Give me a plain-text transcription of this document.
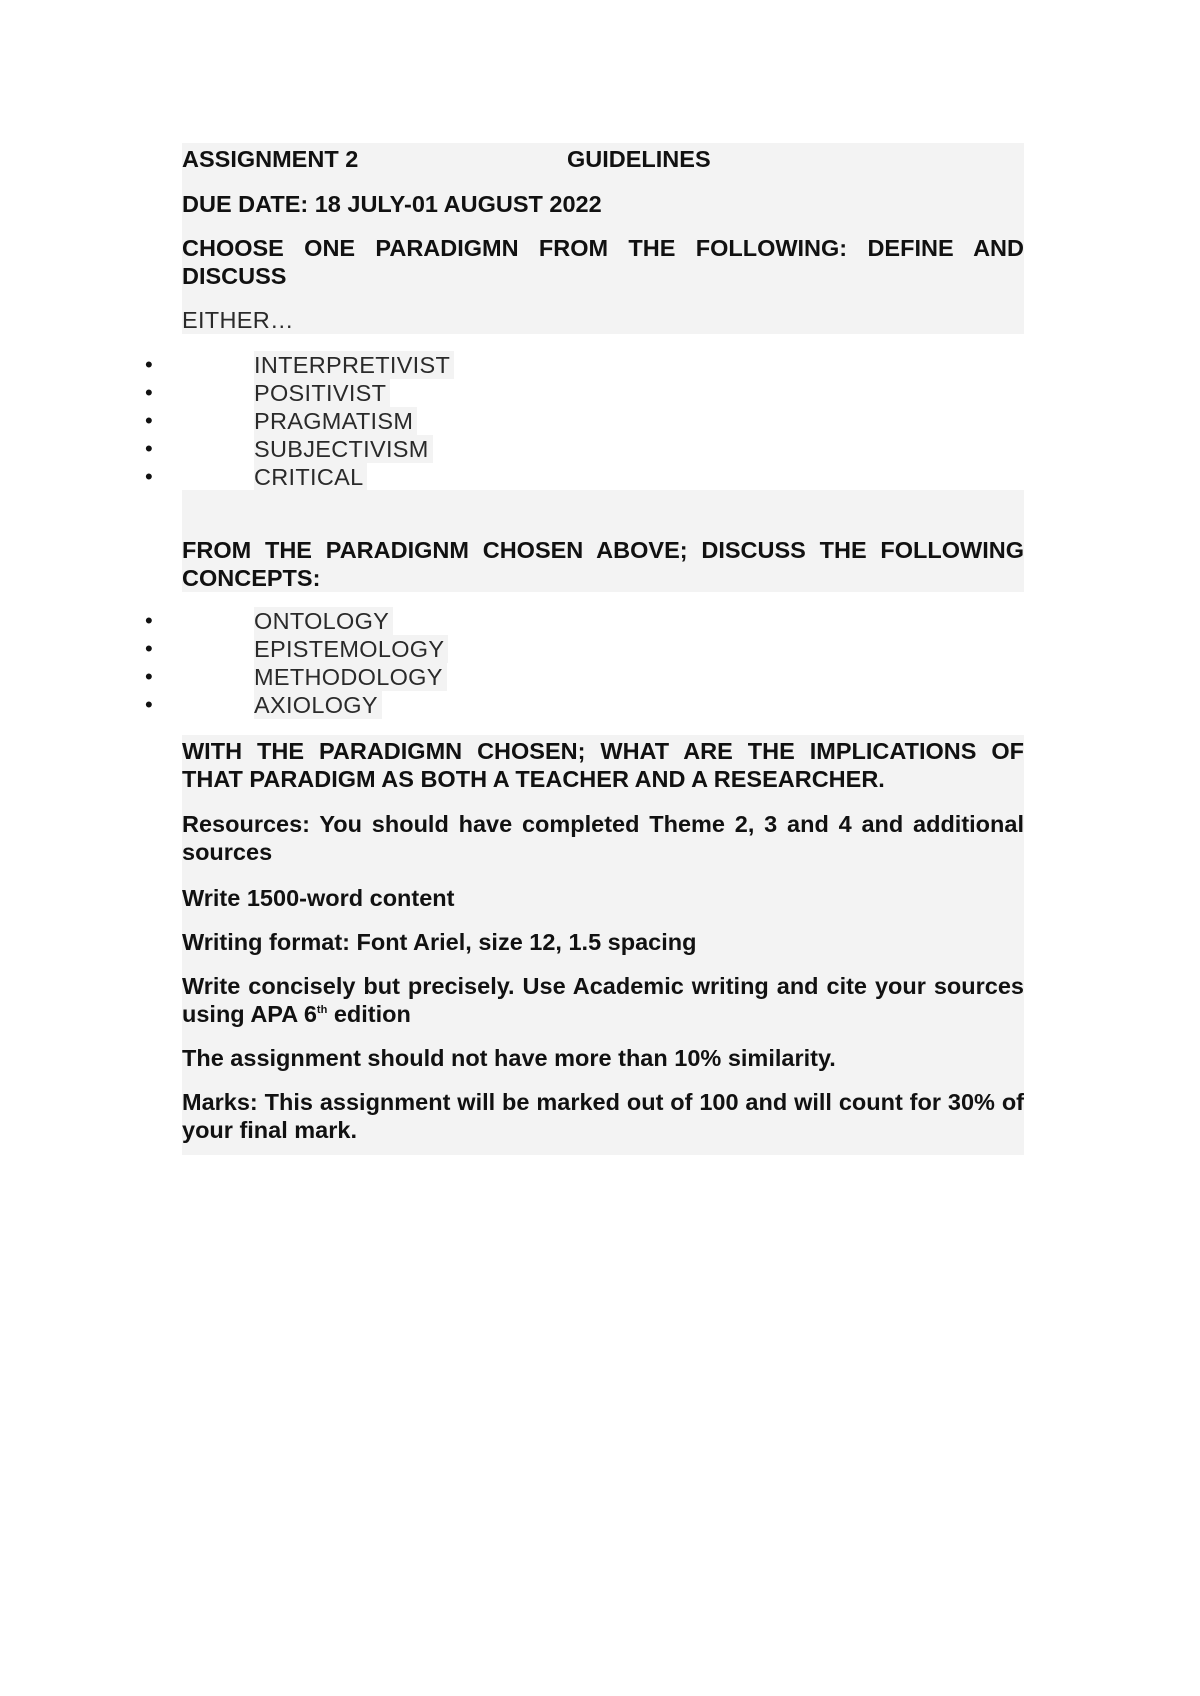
ASSIGNMENT 2	GUIDELINES

DUE DATE: 18 JULY-01 AUGUST 2022

CHOOSE ONE PARADIGMN FROM THE FOLLOWING: DEFINE AND DISCUSS

EITHER…

•	INTERPRETIVIST
•	POSITIVIST
•	PRAGMATISM
•	SUBJECTIVISM
•	CRITICAL

FROM THE PARADIGNM CHOSEN ABOVE; DISCUSS THE FOLLOWING CONCEPTS:

•	ONTOLOGY
•	EPISTEMOLOGY
•	METHODOLOGY
•	AXIOLOGY

WITH THE PARADIGMN CHOSEN; WHAT ARE THE IMPLICATIONS OF THAT PARADIGM AS BOTH A TEACHER AND A RESEARCHER.

Resources: You should have completed Theme 2, 3 and 4 and additional sources

Write 1500-word content

Writing format: Font Ariel, size 12, 1.5 spacing

Write concisely but precisely. Use Academic writing and cite your sources using APA 6th edition

The assignment should not have more than 10% similarity.

Marks: This assignment will be marked out of 100 and will count for 30% of your final mark.
